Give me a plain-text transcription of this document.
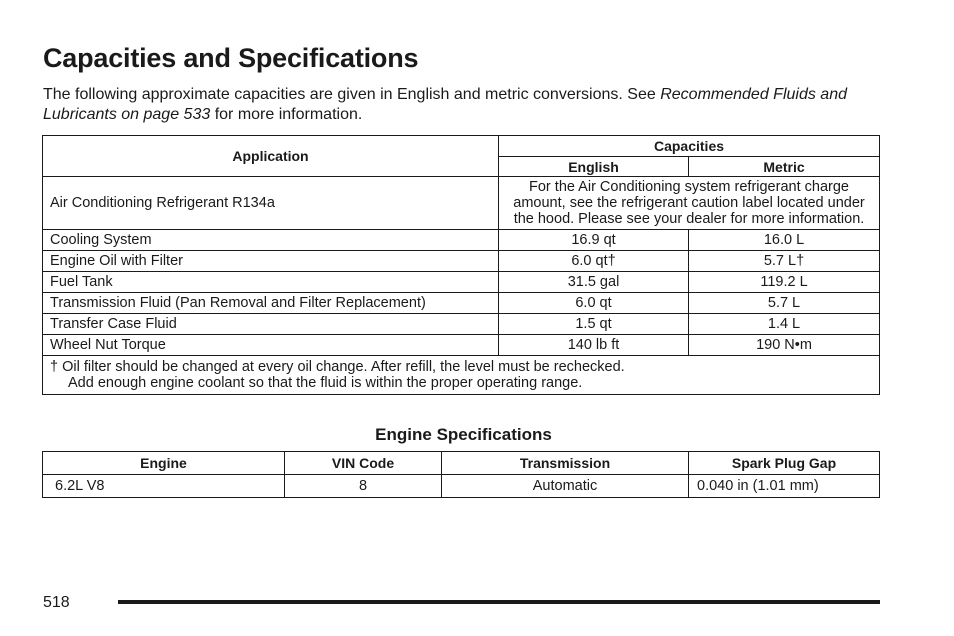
Capacities and Specifications

The following approximate capacities are given in English and metric conversions. See Recommended Fluids and Lubricants on page 533 for more information.

Application	Capacities	
	English	Metric
Air Conditioning Refrigerant R134a	For the Air Conditioning system refrigerant charge amount, see the refrigerant caution label located under the hood. Please see your dealer for more information.	
Cooling System	16.9 qt	16.0 L
Engine Oil with Filter	6.0 qt†	5.7 L†
Fuel Tank	31.5 gal	119.2 L
Transmission Fluid (Pan Removal and Filter Replacement)	6.0 qt	5.7 L
Transfer Case Fluid	1.5 qt	1.4 L
Wheel Nut Torque	140 lb ft	190 N•m
† Oil filter should be changed at every oil change. After refill, the level must be rechecked.
Add enough engine coolant so that the fluid is within the proper operating range.		
Engine Specifications
Engine	VIN Code	Transmission	Spark Plug Gap
6.2L V8	8	Automatic	0.040 in (1.01 mm)
518
